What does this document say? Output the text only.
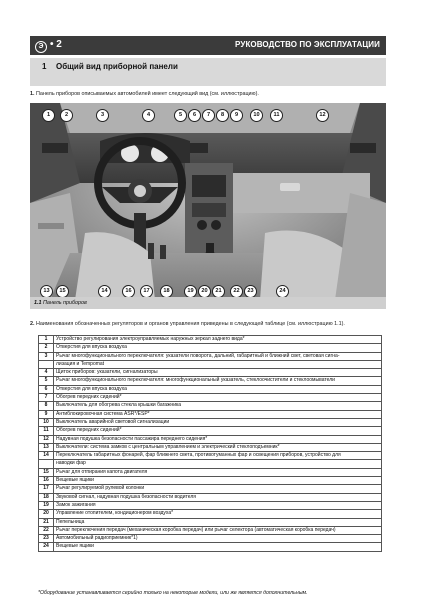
Э • 2	РУКОВОДСТВО ПО ЭКСПЛУАТАЦИИ
1 Общий вид приборной панели
1. Панель приборов описываемых автомобилей имеет следующий вид (см. иллюстрацию).
1	2	3	4	5	6	7	8	9	10	11	12
13	15	14	16	17	18	19	20	21	22	23	24
1.1 Панель приборов
2. Наименования обозначенных регуляторов и органов управления приведены в следующей таблице (см. иллюстрацию 1.1).
1	Устройство регулирования электроуправляемых наружных зеркал заднего вида*
2	Отверстия для впуска воздуха
3	Рычаг многофункционального переключателя: указатели поворота, дальний, габаритный и ближний свет, световая сигна-
	лизация и Tempomat
4	Щиток приборов: указатели, сигнализаторы
5	Рычаг многофункционального переключателя: многофункциональный указатель, стеклоочистители и стеклоомыватели
6	Отверстия для впуска воздуха
7	Обогрев передних сидений*
8	Выключатель для обогрева стекла крышки багажника
9	Антиблокировочная система ASR*/ESP*
10	Выключатель аварийной световой сигнализации
11	Обогрев передних сидений*
12	Надувная подушка безопасности пассажира переднего сидения*
13	Выключатели: система замков с центральным управлением и электрический стеклоподъемник*
14	Переключатель габаритных фонарей, фар ближнего света, противотуманных фар и освещения приборов, устройство для
	наводки фар
15	Рычаг для отпирания капота двигателя
16	Вещевые ящики
17	Рычаг регулируемой рулевой колонки
18	Звуковой сигнал, надувная подушка безопасности водителя
19	Замок зажигания
20	Управление отопителем, кондиционером воздуха*
21	Пепельница
22	Рычаг переключения передач (механическая коробка передач) или рычаг селектора (автоматическая коробка передач)
23	Автомобильный радиоприемник*1)
24	Вещевые ящики
*Оборудование устанавливается серийно только на некоторые модели, или же является дополнительным.
